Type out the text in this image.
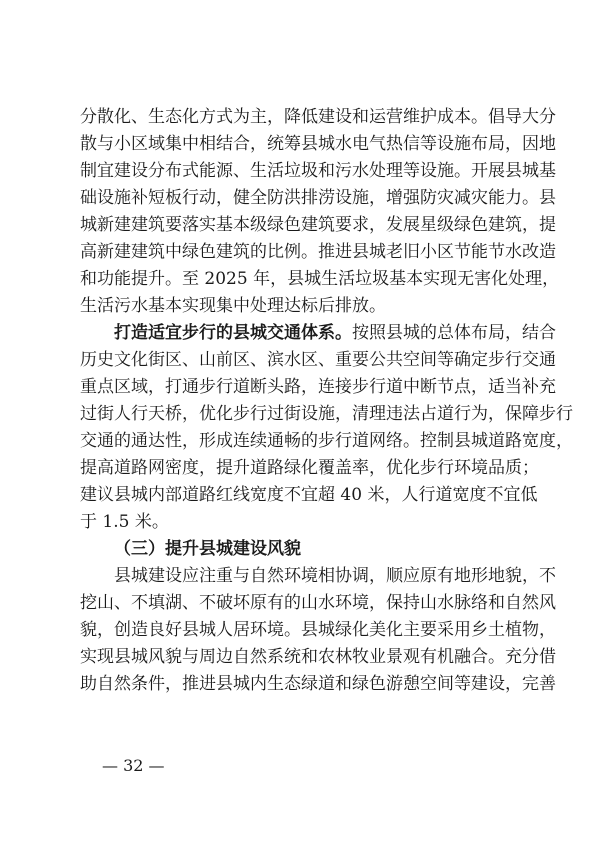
分散化、生态化方式为主，降低建设和运营维护成本。倡导大分
散与小区域集中相结合，统筹县城水电气热信等设施布局，因地
制宜建设分布式能源、生活垃圾和污水处理等设施。开展县城基
础设施补短板行动，健全防洪排涝设施，增强防灾减灾能力。县
城新建建筑要落实基本级绿色建筑要求，发展星级绿色建筑，提
高新建建筑中绿色建筑的比例。推进县城老旧小区节能节水改造
和功能提升。至 2025 年，县城生活垃圾基本实现无害化处理，
生活污水基本实现集中处理达标后排放。
打造适宜步行的县城交通体系。按照县城的总体布局，结合
历史文化街区、山前区、滨水区、重要公共空间等确定步行交通
重点区域，打通步行道断头路，连接步行道中断节点，适当补充
过街人行天桥，优化步行过街设施，清理违法占道行为，保障步行
交通的通达性，形成连续通畅的步行道网络。控制县城道路宽度，
提高道路网密度，提升道路绿化覆盖率，优化步行环境品质；
建议县城内部道路红线宽度不宜超 40 米，人行道宽度不宜低
于 1.5 米。
（三）提升县城建设风貌
县城建设应注重与自然环境相协调，顺应原有地形地貌，不
挖山、不填湖、不破坏原有的山水环境，保持山水脉络和自然风
貌，创造良好县城人居环境。县城绿化美化主要采用乡土植物，
实现县城风貌与周边自然系统和农林牧业景观有机融合。充分借
助自然条件，推进县城内生态绿道和绿色游憩空间等建设，完善
— 32 —
